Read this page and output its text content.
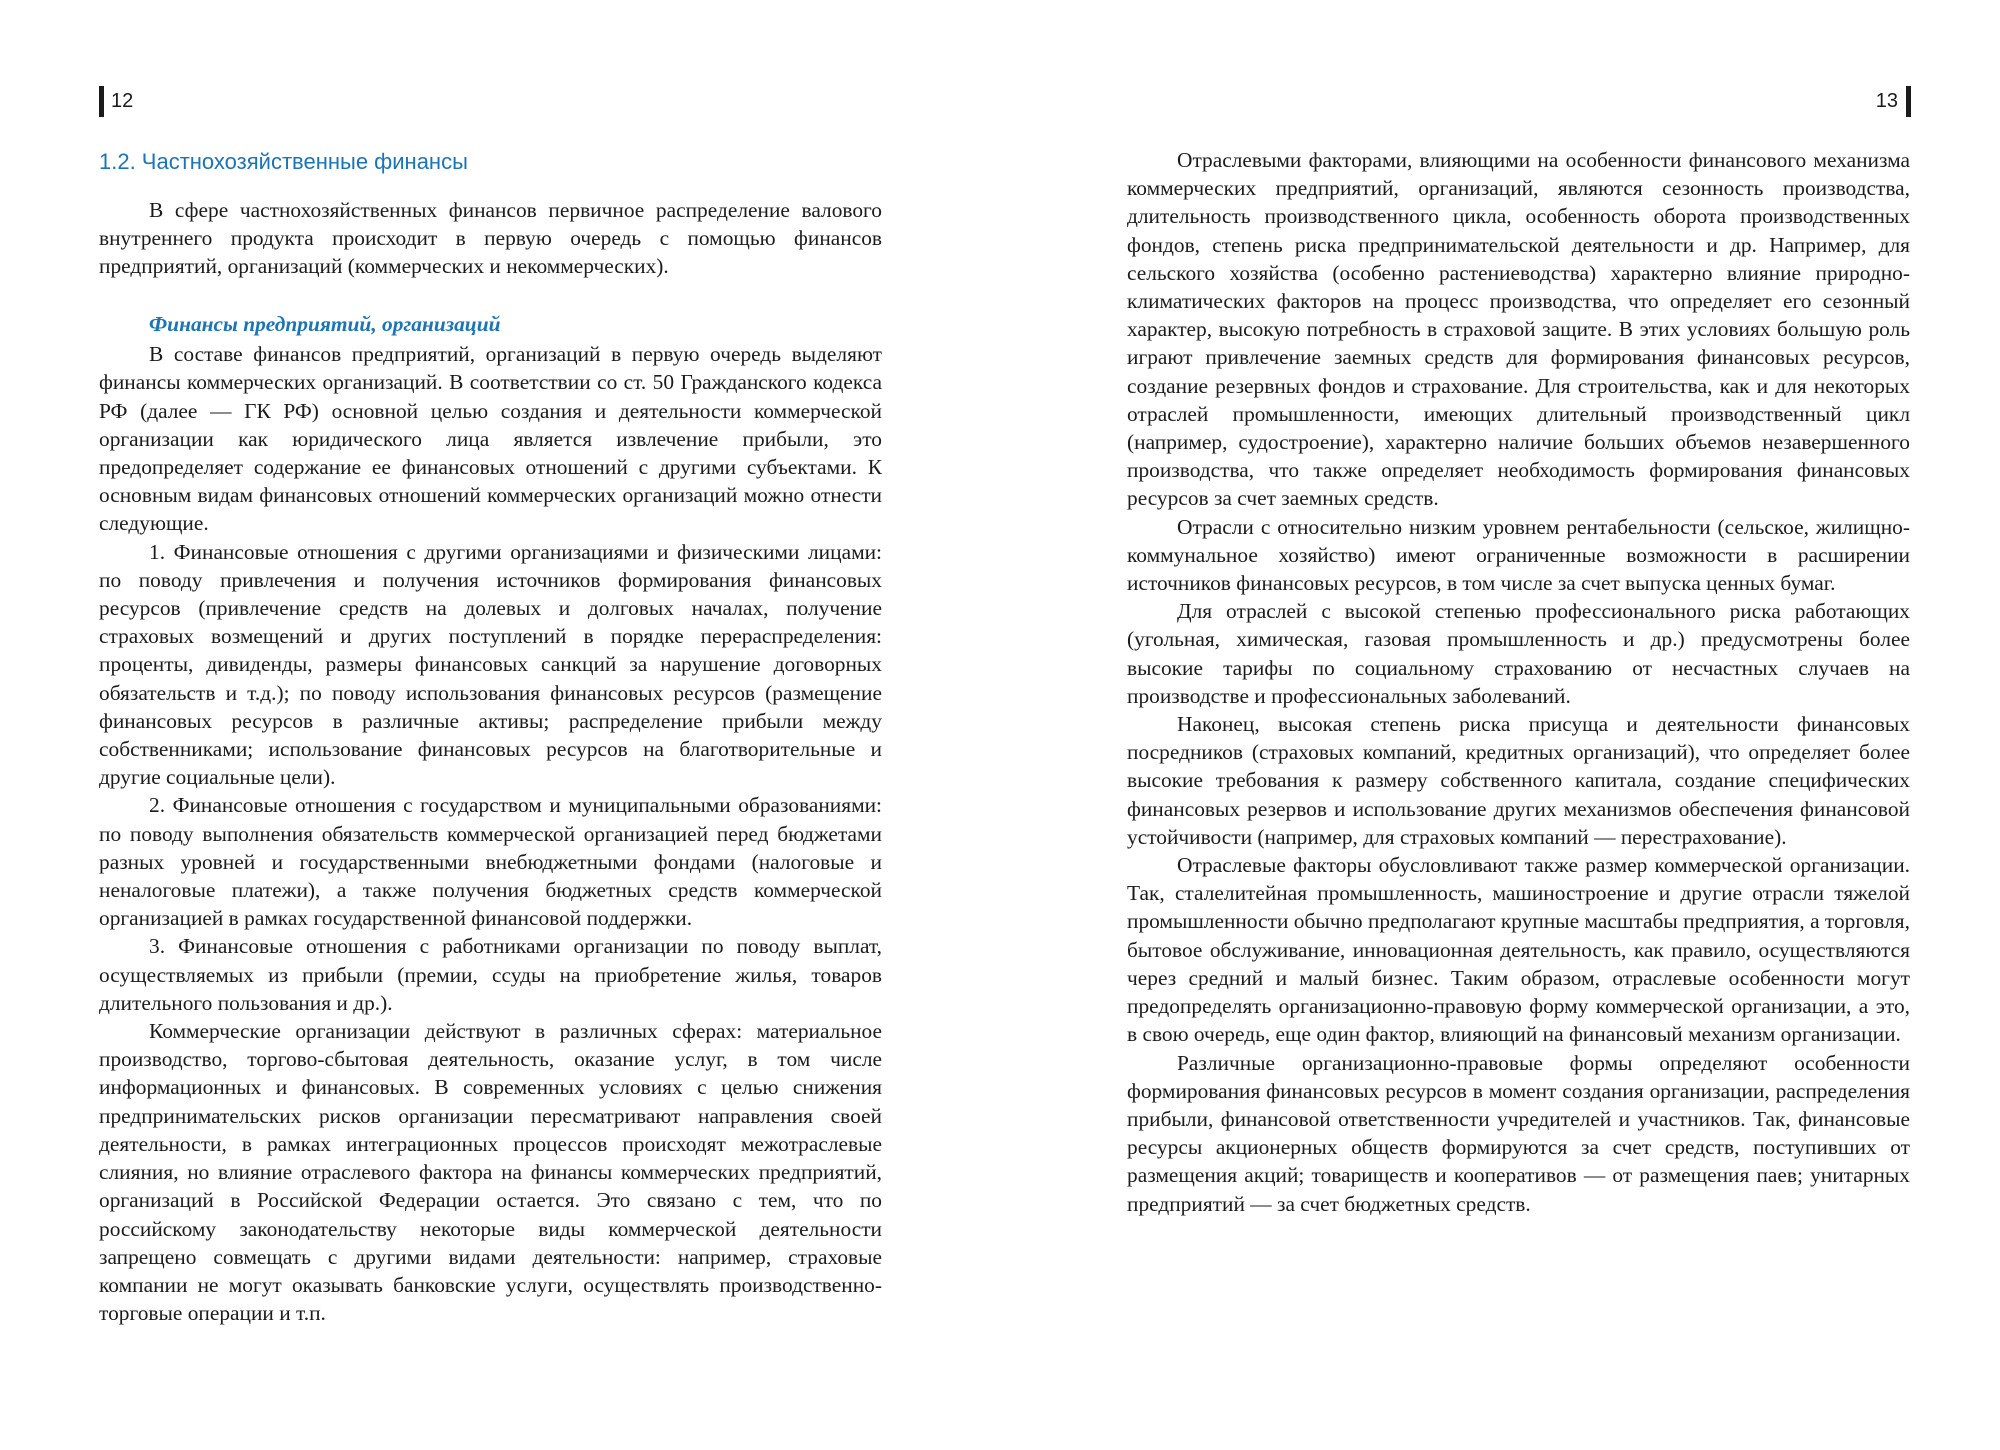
12
1.2. Частнохозяйственные финансы

В сфере частнохозяйственных финансов первичное распределение валового внутреннего продукта происходит в первую очередь с помощью финансов предприятий, организаций (коммерческих и некоммерческих).

Финансы предприятий, организаций

В составе финансов предприятий, организаций в первую очередь выделяют финансы коммерческих организаций. В соответствии со ст. 50 Гражданского кодекса РФ (далее — ГК РФ) основной целью создания и деятельности коммерческой организации как юридического лица является извлечение прибыли, это предопределяет содержание ее финансовых отношений с другими субъектами. К основным видам финансовых отношений коммерческих организаций можно отнести следующие.

1. Финансовые отношения с другими организациями и физическими лицами: по поводу привлечения и получения источников формирования финансовых ресурсов (привлечение средств на долевых и долговых началах, получение страховых возмещений и других поступлений в порядке перераспределения: проценты, дивиденды, размеры финансовых санкций за нарушение договорных обязательств и т.д.); по поводу использования финансовых ресурсов (размещение финансовых ресурсов в различные активы; распределение прибыли между собственниками; использование финансовых ресурсов на благотворительные и другие социальные цели).

2. Финансовые отношения с государством и муниципальными образованиями: по поводу выполнения обязательств коммерческой организацией перед бюджетами разных уровней и государственными внебюджетными фондами (налоговые и неналоговые платежи), а также получения бюджетных средств коммерческой организацией в рамках государственной финансовой поддержки.

3. Финансовые отношения с работниками организации по поводу выплат, осуществляемых из прибыли (премии, ссуды на приобретение жилья, товаров длительного пользования и др.).

Коммерческие организации действуют в различных сферах: материальное производство, торгово-сбытовая деятельность, оказание услуг, в том числе информационных и финансовых. В современных условиях с целью снижения предпринимательских рисков организации пересматривают направления своей деятельности, в рамках интеграционных процессов происходят межотраслевые слияния, но влияние отраслевого фактора на финансы коммерческих предприятий, организаций в Российской Федерации остается. Это связано с тем, что по российскому законодательству некоторые виды коммерческой деятельности запрещено совмещать с другими видами деятельности: например, страховые компании не могут оказывать банковские услуги, осуществлять производственно-торговые операции и т.п.

13

Отраслевыми факторами, влияющими на особенности финансового механизма коммерческих предприятий, организаций, являются сезонность производства, длительность производственного цикла, особенность оборота производственных фондов, степень риска предпринимательской деятельности и др. Например, для сельского хозяйства (особенно растениеводства) характерно влияние природно-климатических факторов на процесс производства, что определяет его сезонный характер, высокую потребность в страховой защите. В этих условиях большую роль играют привлечение заемных средств для формирования финансовых ресурсов, создание резервных фондов и страхование. Для строительства, как и для некоторых отраслей промышленности, имеющих длительный производственный цикл (например, судостроение), характерно наличие больших объемов незавершенного производства, что также определяет необходимость формирования финансовых ресурсов за счет заемных средств.

Отрасли с относительно низким уровнем рентабельности (сельское, жилищно-коммунальное хозяйство) имеют ограниченные возможности в расширении источников финансовых ресурсов, в том числе за счет выпуска ценных бумаг.

Для отраслей с высокой степенью профессионального риска работающих (угольная, химическая, газовая промышленность и др.) предусмотрены более высокие тарифы по социальному страхованию от несчастных случаев на производстве и профессиональных заболеваний.

Наконец, высокая степень риска присуща и деятельности финансовых посредников (страховых компаний, кредитных организаций), что определяет более высокие требования к размеру собственного капитала, создание специфических финансовых резервов и использование других механизмов обеспечения финансовой устойчивости (например, для страховых компаний — перестрахование).

Отраслевые факторы обусловливают также размер коммерческой организации. Так, сталелитейная промышленность, машиностроение и другие отрасли тяжелой промышленности обычно предполагают крупные масштабы предприятия, а торговля, бытовое обслуживание, инновационная деятельность, как правило, осуществляются через средний и малый бизнес. Таким образом, отраслевые особенности могут предопределять организационно-правовую форму коммерческой организации, а это, в свою очередь, еще один фактор, влияющий на финансовый механизм организации.

Различные организационно-правовые формы определяют особенности формирования финансовых ресурсов в момент создания организации, распределения прибыли, финансовой ответственности учредителей и участников. Так, финансовые ресурсы акционерных обществ формируются за счет средств, поступивших от размещения акций; товариществ и кооперативов — от размещения паев; унитарных предприятий — за счет бюджетных средств.
